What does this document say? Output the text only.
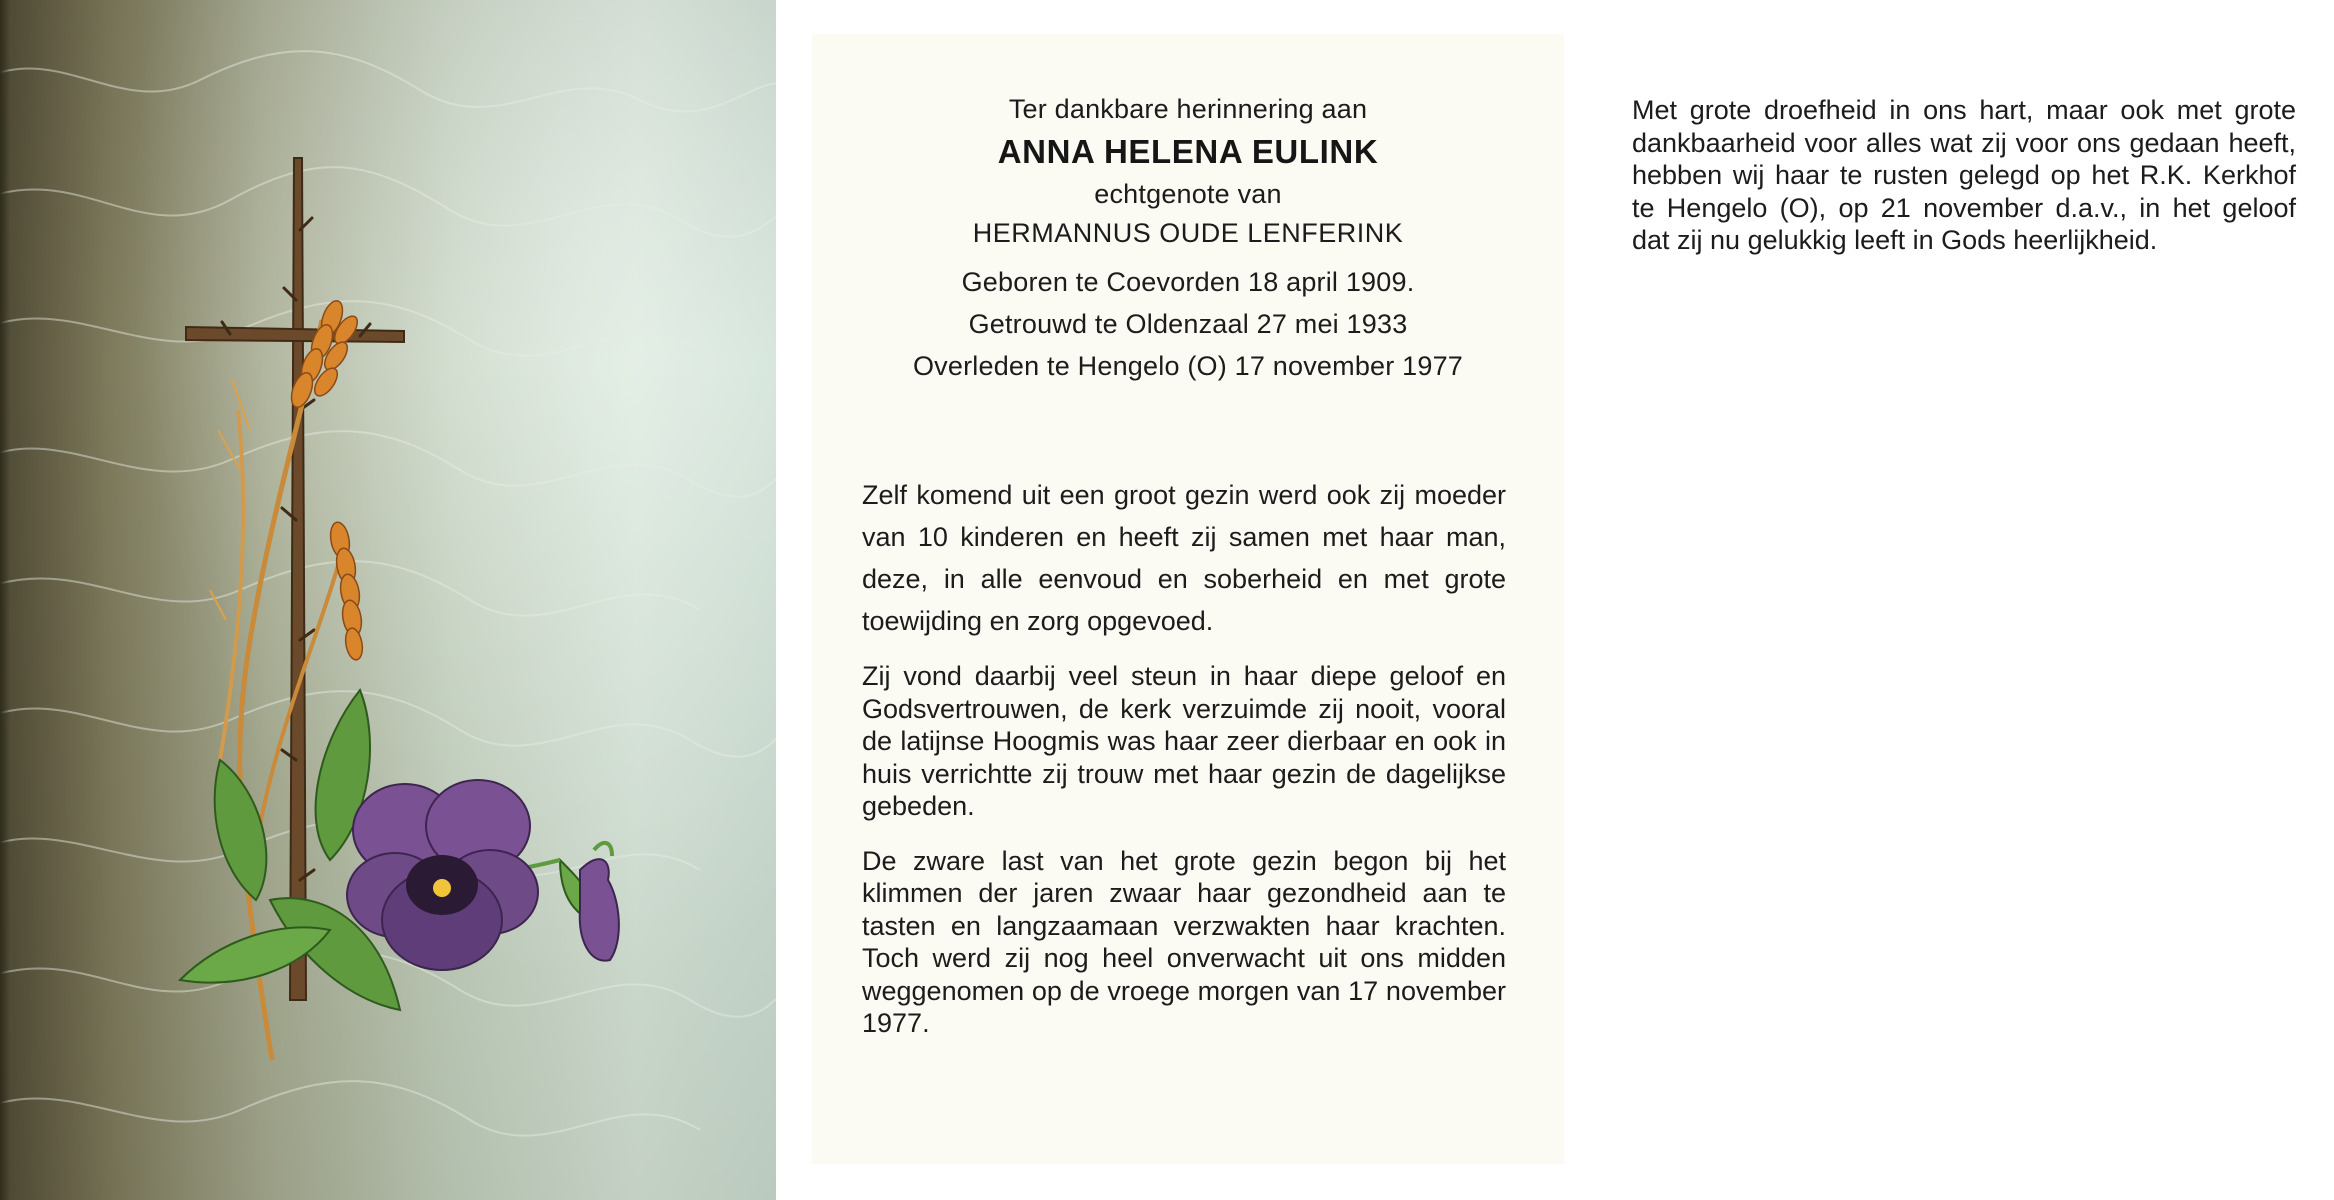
Ter dankbare herinnering aan
ANNA HELENA EULINK
echtgenote van
HERMANNUS OUDE LENFERINK
Geboren te Coevorden 18 april 1909.
Getrouwd te Oldenzaal 27 mei 1933
Overleden te Hengelo (O) 17 november 1977

Zelf komend uit een groot gezin werd ook zij moeder van 10 kinderen en heeft zij samen met haar man, deze, in alle eenvoud en soberheid en met grote toewijding en zorg opgevoed.

Zij vond daarbij veel steun in haar diepe geloof en Godsvertrouwen, de kerk verzuimde zij nooit, vooral de latijnse Hoogmis was haar zeer dierbaar en ook in huis verrichtte zij trouw met haar gezin de dagelijkse gebeden.

De zware last van het grote gezin begon bij het klimmen der jaren zwaar haar gezondheid aan te tasten en langzaamaan verzwakten haar krachten. Toch werd zij nog heel onverwacht uit ons midden weggenomen op de vroege morgen van 17 november 1977.

Met grote droefheid in ons hart, maar ook met grote dankbaarheid voor alles wat zij voor ons gedaan heeft, hebben wij haar te rusten gelegd op het R.K. Kerkhof te Hengelo (O), op 21 november d.a.v., in het geloof dat zij nu gelukkig leeft in Gods heerlijkheid.
